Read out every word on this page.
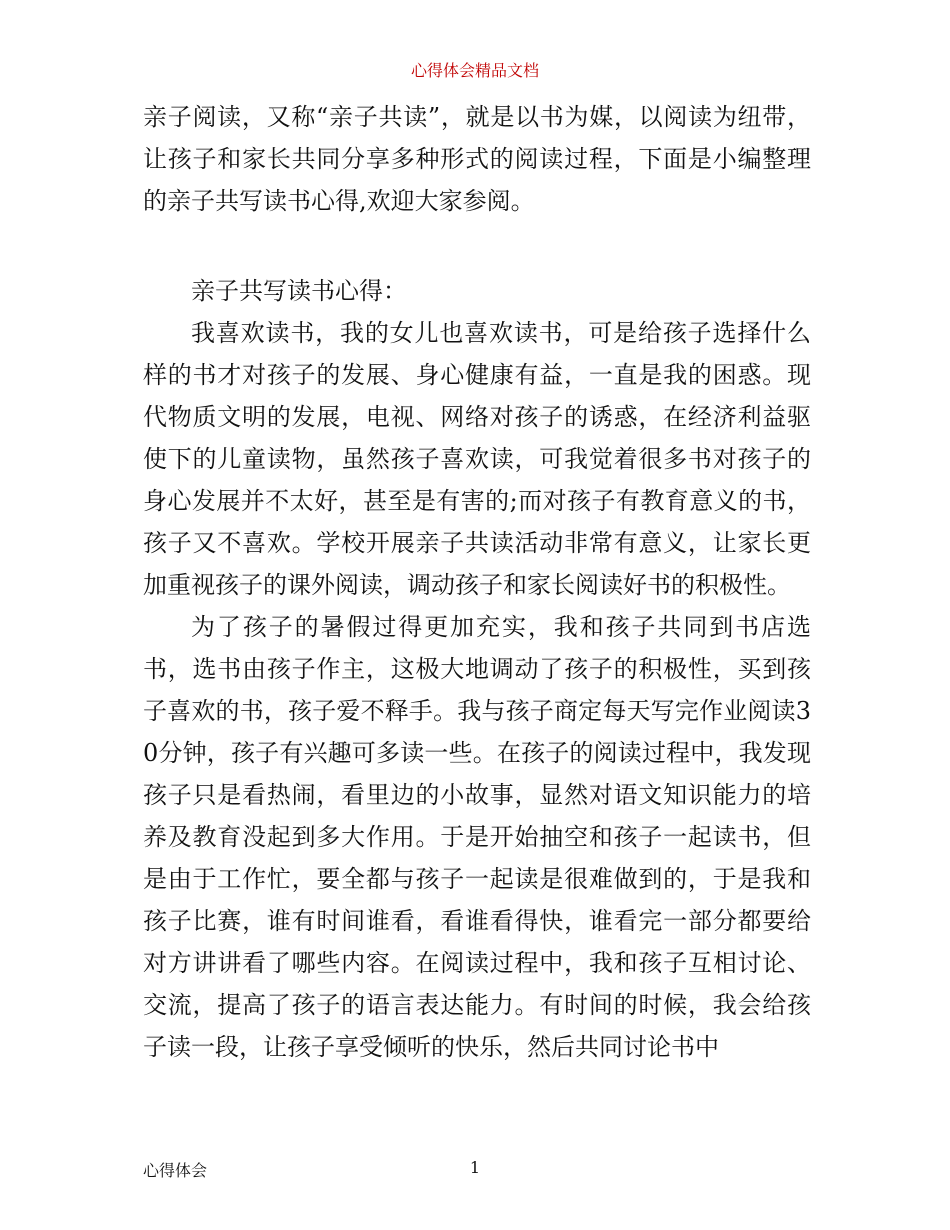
心得体会精品文档

亲子阅读，又称“亲子共读”，就是以书为媒，以阅读为纽带，让孩子和家长共同分享多种形式的阅读过程，下面是小编整理的亲子共写读书心得,欢迎大家参阅。

亲子共写读书心得：

我喜欢读书，我的女儿也喜欢读书，可是给孩子选择什么样的书才对孩子的发展、身心健康有益，一直是我的困惑。现代物质文明的发展，电视、网络对孩子的诱惑，在经济利益驱使下的儿童读物，虽然孩子喜欢读，可我觉着很多书对孩子的身心发展并不太好，甚至是有害的;而对孩子有教育意义的书，孩子又不喜欢。学校开展亲子共读活动非常有意义，让家长更加重视孩子的课外阅读，调动孩子和家长阅读好书的积极性。

为了孩子的暑假过得更加充实，我和孩子共同到书店选书，选书由孩子作主，这极大地调动了孩子的积极性，买到孩子喜欢的书，孩子爱不释手。我与孩子商定每天写完作业阅读30分钟，孩子有兴趣可多读一些。在孩子的阅读过程中，我发现孩子只是看热闹，看里边的小故事，显然对语文知识能力的培养及教育没起到多大作用。于是开始抽空和孩子一起读书，但是由于工作忙，要全都与孩子一起读是很难做到的，于是我和孩子比赛，谁有时间谁看，看谁看得快，谁看完一部分都要给对方讲讲看了哪些内容。在阅读过程中，我和孩子互相讨论、交流，提高了孩子的语言表达能力。有时间的时候，我会给孩子读一段，让孩子享受倾听的快乐，然后共同讨论书中

心得体会	1
